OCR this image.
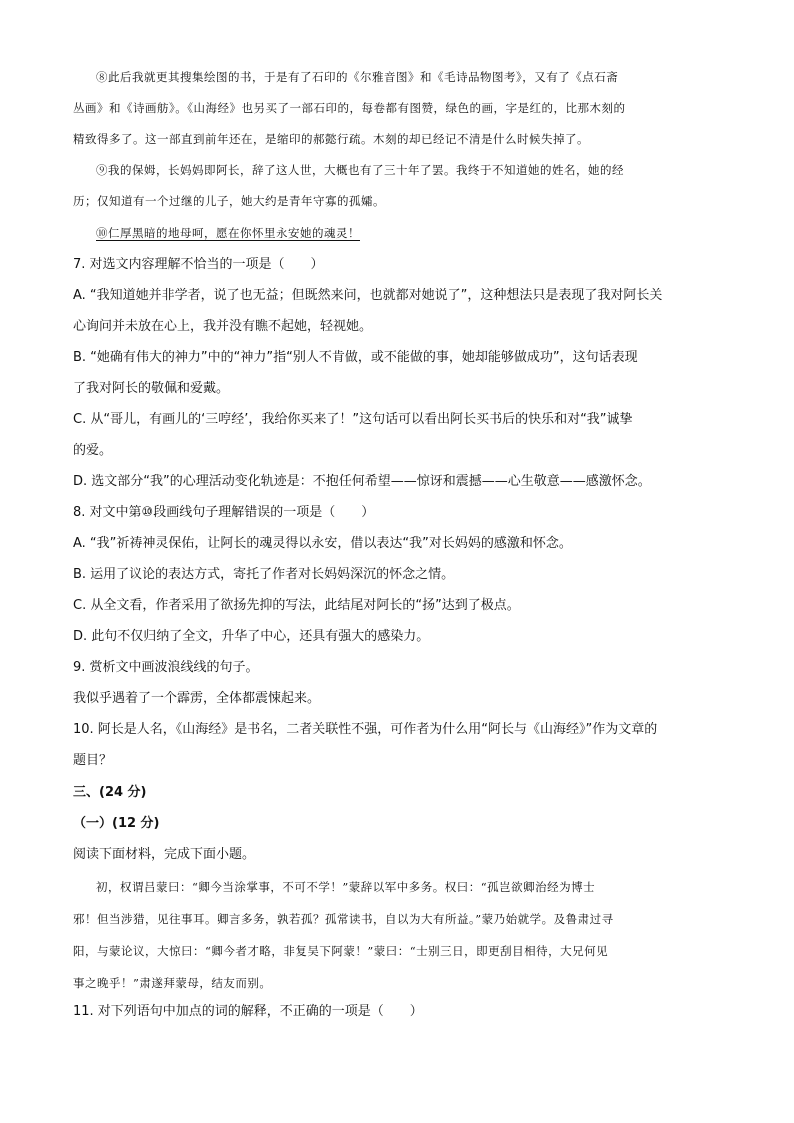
⑧此后我就更其搜集绘图的书，于是有了石印的《尔雅音图》和《毛诗品物图考》，又有了《点石斋
丛画》和《诗画舫》。《山海经》也另买了一部石印的，每卷都有图赞，绿色的画，字是红的，比那木刻的
精致得多了。这一部直到前年还在，是缩印的郝懿行疏。木刻的却已经记不清是什么时候失掉了。
⑨我的保姆，长妈妈即阿长，辞了这人世，大概也有了三十年了罢。我终于不知道她的姓名，她的经
历；仅知道有一个过继的儿子，她大约是青年守寡的孤孀。
⑩仁厚黑暗的地母呵，愿在你怀里永安她的魂灵！
7. 对选文内容理解不恰当的一项是（　　）
A. “我知道她并非学者，说了也无益；但既然来问，也就都对她说了”，这种想法只是表现了我对阿长关
心询问并未放在心上，我并没有瞧不起她，轻视她。
B. “她确有伟大的神力”中的“神力”指“别人不肯做，或不能做的事，她却能够做成功”，这句话表现
了我对阿长的敬佩和爱戴。
C. 从“哥儿，有画儿的‘三哼经’，我给你买来了！”这句话可以看出阿长买书后的快乐和对“我”诚挚
的爱。
D. 选文部分“我”的心理活动变化轨迹是：不抱任何希望——惊讶和震撼——心生敬意——感激怀念。
8. 对文中第⑩段画线句子理解错误的一项是（　　）
A. “我”祈祷神灵保佑，让阿长的魂灵得以永安，借以表达“我”对长妈妈的感激和怀念。
B. 运用了议论的表达方式，寄托了作者对长妈妈深沉的怀念之情。
C. 从全文看，作者采用了欲扬先抑的写法，此结尾对阿长的“扬”达到了极点。
D. 此句不仅归纳了全文，升华了中心，还具有强大的感染力。
9. 赏析文中画波浪线线的句子。
我似乎遇着了一个霹雳，全体都震悚起来。
10. 阿长是人名，《山海经》是书名，二者关联性不强，可作者为什么用“阿长与《山海经》”作为文章的
题目？
三、(24 分)
（一）(12 分)
阅读下面材料，完成下面小题。
初，权谓吕蒙曰：“卿今当涂掌事，不可不学！”蒙辞以军中多务。权曰：“孤岂欲卿治经为博士
邪！但当涉猎，见往事耳。卿言多务，孰若孤？孤常读书，自以为大有所益。”蒙乃始就学。及鲁肃过寻
阳，与蒙论议，大惊曰：“卿今者才略，非复吴下阿蒙！”蒙曰：“士别三日，即更刮目相待，大兄何见
事之晚乎！”肃遂拜蒙母，结友而别。
11. 对下列语句中加点的词的解释，不正确的一项是（　　）
